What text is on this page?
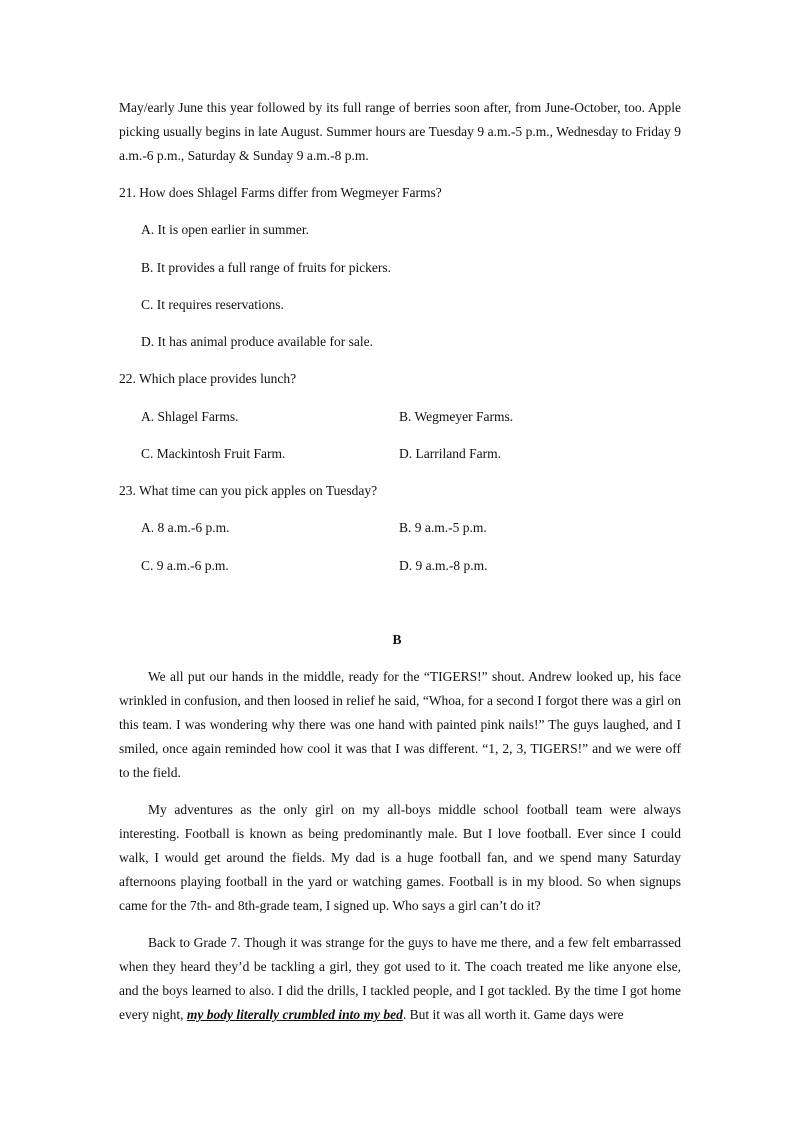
May/early June this year followed by its full range of berries soon after, from June-October, too. Apple picking usually begins in late August. Summer hours are Tuesday 9 a.m.-5 p.m., Wednesday to Friday 9 a.m.-6 p.m., Saturday & Sunday 9 a.m.-8 p.m.

21. How does Shlagel Farms differ from Wegmeyer Farms?

A. It is open earlier in summer.

B. It provides a full range of fruits for pickers.

C. It requires reservations.

D. It has animal produce available for sale.

22. Which place provides lunch?

A. Shlagel Farms.	B. Wegmeyer Farms.

C. Mackintosh Fruit Farm.	D. Larriland Farm.

23. What time can you pick apples on Tuesday?

A. 8 a.m.-6 p.m.	B. 9 a.m.-5 p.m.

C. 9 a.m.-6 p.m.	D. 9 a.m.-8 p.m.

B

We all put our hands in the middle, ready for the “TIGERS!” shout. Andrew looked up, his face wrinkled in confusion, and then loosed in relief he said, “Whoa, for a second I forgot there was a girl on this team. I was wondering why there was one hand with painted pink nails!” The guys laughed, and I smiled, once again reminded how cool it was that I was different. “1, 2, 3, TIGERS!” and we were off to the field.

My adventures as the only girl on my all-boys middle school football team were always interesting. Football is known as being predominantly male. But I love football. Ever since I could walk, I would get around the fields. My dad is a huge football fan, and we spend many Saturday afternoons playing football in the yard or watching games. Football is in my blood. So when signups came for the 7th- and 8th-grade team, I signed up. Who says a girl can’t do it?

Back to Grade 7. Though it was strange for the guys to have me there, and a few felt embarrassed when they heard they’d be tackling a girl, they got used to it. The coach treated me like anyone else, and the boys learned to also. I did the drills, I tackled people, and I got tackled. By the time I got home every night, my body literally crumbled into my bed. But it was all worth it. Game days were
